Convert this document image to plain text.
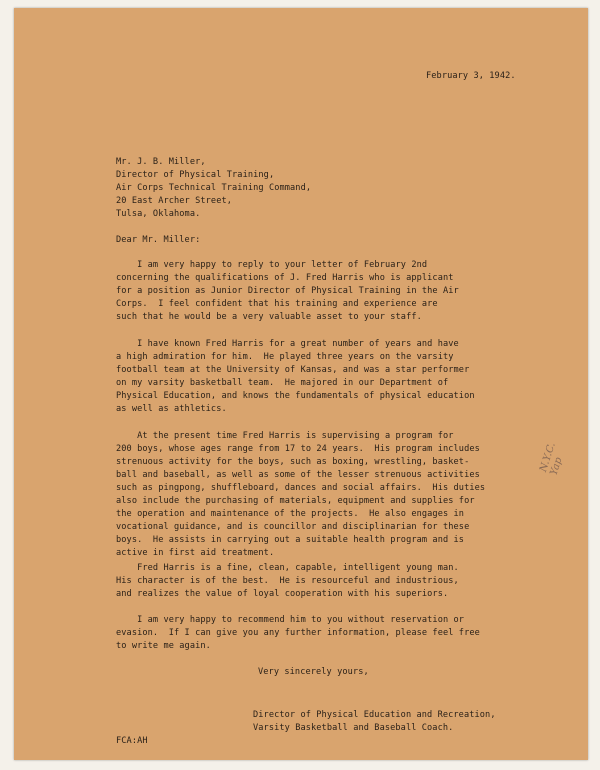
February 3, 1942.
Mr. J. B. Miller,
Director of Physical Training,
Air Corps Technical Training Command,
20 East Archer Street,
Tulsa, Oklahoma.
Dear Mr. Miller:
I am very happy to reply to your letter of February 2nd
concerning the qualifications of J. Fred Harris who is applicant
for a position as Junior Director of Physical Training in the Air
Corps.  I feel confident that his training and experience are
such that he would be a very valuable asset to your staff.
I have known Fred Harris for a great number of years and have
a high admiration for him.  He played three years on the varsity
football team at the University of Kansas, and was a star performer
on my varsity basketball team.  He majored in our Department of
Physical Education, and knows the fundamentals of physical education
as well as athletics.
At the present time Fred Harris is supervising a program for
200 boys, whose ages range from 17 to 24 years.  His program includes
strenuous activity for the boys, such as boxing, wrestling, basket-
ball and baseball, as well as some of the lesser strenuous activities
such as pingpong, shuffleboard, dances and social affairs.  His duties
also include the purchasing of materials, equipment and supplies for
the operation and maintenance of the projects.  He also engages in
vocational guidance, and is councillor and disciplinarian for these
boys.  He assists in carrying out a suitable health program and is
active in first aid treatment.
Fred Harris is a fine, clean, capable, intelligent young man.
His character is of the best.  He is resourceful and industrious,
and realizes the value of loyal cooperation with his superiors.
I am very happy to recommend him to you without reservation or
evasion.  If I can give you any further information, please feel free
to write me again.
Very sincerely yours,
FCA:AH
Director of Physical Education and Recreation,
Varsity Basketball and Baseball Coach.
N.Y.C. Yap
